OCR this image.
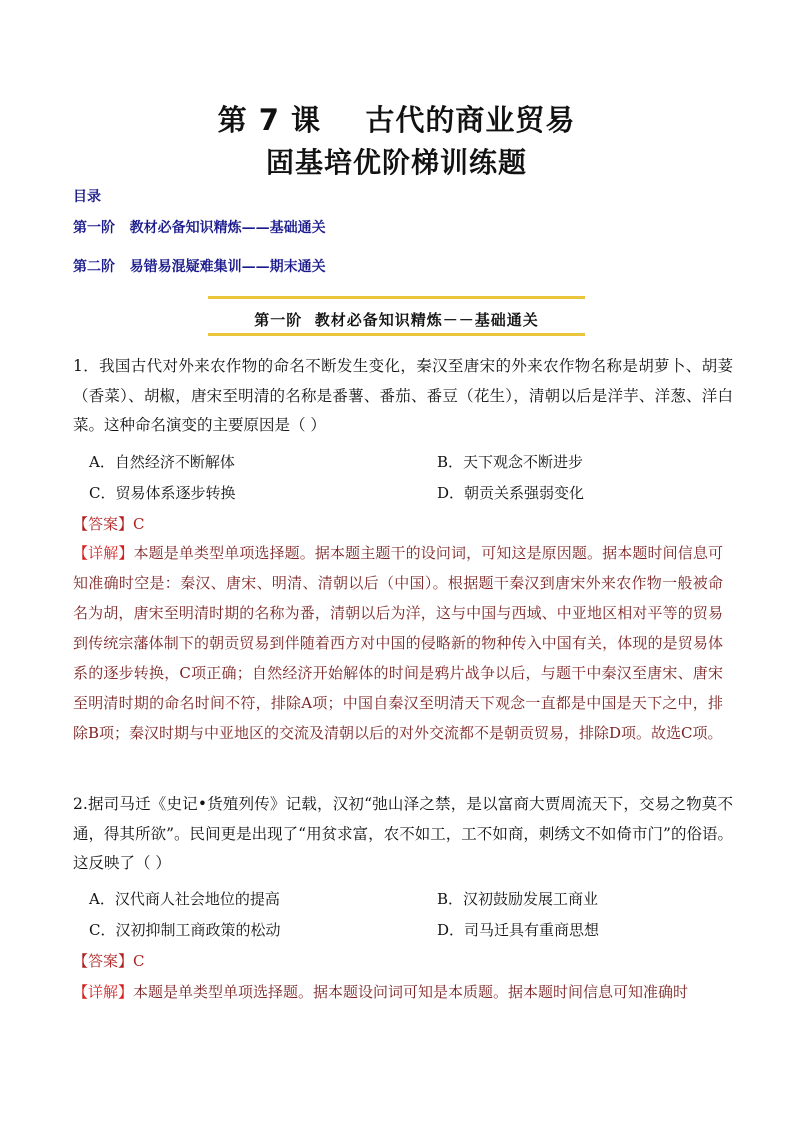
第 7 课    古代的商业贸易
固基培优阶梯训练题
目录
第一阶   教材必备知识精炼——基础通关
第二阶   易错易混疑难集训——期末通关
第一阶  教材必备知识精炼－－基础通关

1．我国古代对外来农作物的命名不断发生变化，秦汉至唐宋的外来农作物名称是胡萝卜、胡荽（香菜）、胡椒，唐宋至明清的名称是番薯、番茄、番豆（花生），清朝以后是洋芋、洋葱、洋白菜。这种命名演变的主要原因是（ ）

A．自然经济不断解体	B．天下观念不断进步
C．贸易体系逐步转换	D．朝贡关系强弱变化
【答案】C

【详解】本题是单类型单项选择题。据本题主题干的设问词，可知这是原因题。据本题时间信息可知准确时空是：秦汉、唐宋、明清、清朝以后（中国）。根据题干秦汉到唐宋外来农作物一般被命名为胡，唐宋至明清时期的名称为番，清朝以后为洋，这与中国与西域、中亚地区相对平等的贸易到传统宗藩体制下的朝贡贸易到伴随着西方对中国的侵略新的物种传入中国有关，体现的是贸易体系的逐步转换，C项正确；自然经济开始解体的时间是鸦片战争以后，与题干中秦汉至唐宋、唐宋至明清时期的命名时间不符，排除A项；中国自秦汉至明清天下观念一直都是中国是天下之中，排除B项；秦汉时期与中亚地区的交流及清朝以后的对外交流都不是朝贡贸易，排除D项。故选C项。

2.据司马迁《史记•货殖列传》记载，汉初“弛山泽之禁，是以富商大贾周流天下，交易之物莫不通，得其所欲”。民间更是出现了“用贫求富，农不如工，工不如商，刺绣文不如倚市门”的俗语。这反映了（ ）

A．汉代商人社会地位的提高	B．汉初鼓励发展工商业
C．汉初抑制工商政策的松动	D．司马迁具有重商思想
【答案】C

【详解】本题是单类型单项选择题。据本题设问词可知是本质题。据本题时间信息可知准确时
